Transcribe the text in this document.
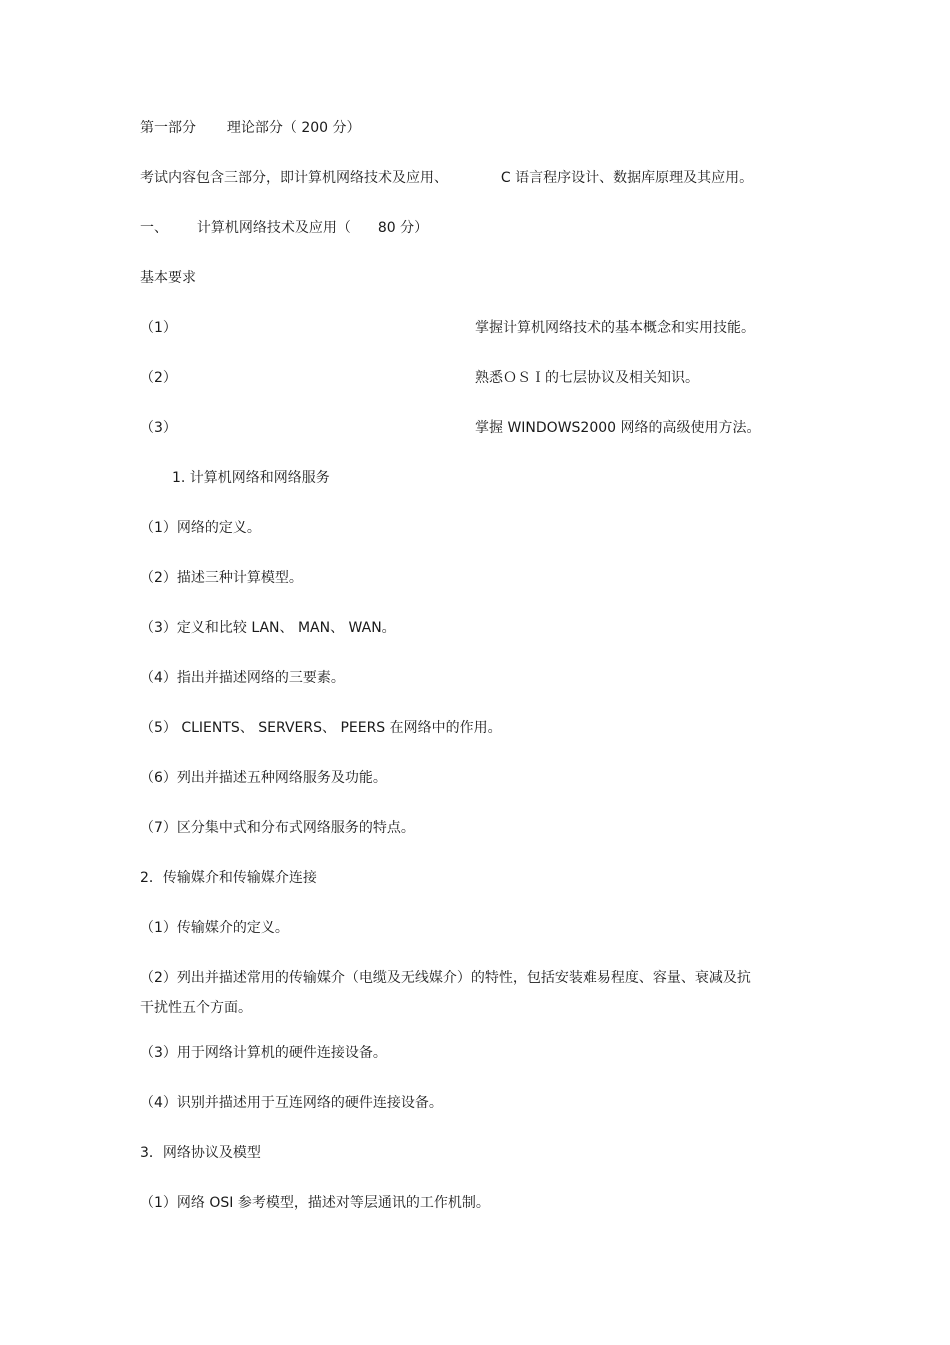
第一部分 理论部分（ 200 分）
考试内容包含三部分，即计算机网络技术及应用、	C 语言程序设计、数据库原理及其应用。
一、 计算机网络技术及应用（ 80 分）
基本要求
（1）	掌握计算机网络技术的基本概念和实用技能。
（2）	熟悉ＯＳＩ的七层协议及相关知识。
（3）	掌握 WINDOWS2000 网络的高级使用方法。
1. 计算机网络和网络服务
（1）网络的定义。
（2）描述三种计算模型。
（3）定义和比较 LAN、 MAN、 WAN。
（4）指出并描述网络的三要素。
（5） CLIENTS、 SERVERS、 PEERS 在网络中的作用。
（6）列出并描述五种网络服务及功能。
（7）区分集中式和分布式网络服务的特点。
2．传输媒介和传输媒介连接
（1）传输媒介的定义。
（2）列出并描述常用的传输媒介（电缆及无线媒介）的特性，包括安装难易程度、容量、衰减及抗干扰性五个方面。
（3）用于网络计算机的硬件连接设备。
（4）识别并描述用于互连网络的硬件连接设备。
3．网络协议及模型
（1）网络 OSI 参考模型，描述对等层通讯的工作机制。
